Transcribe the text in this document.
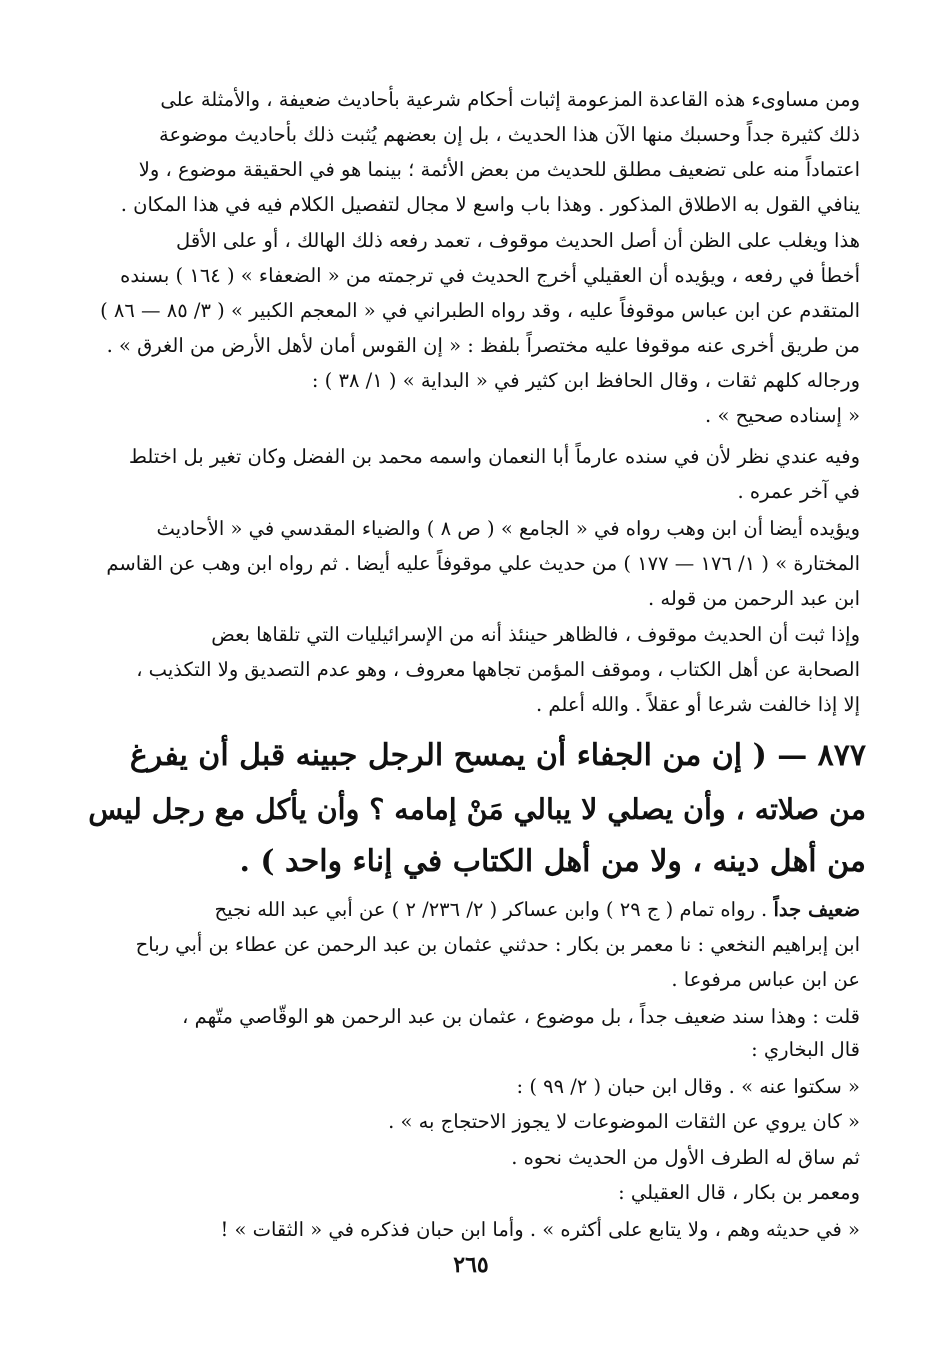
ومن مساوىء هذه القاعدة المزعومة إثبات أحكام شرعية بأحاديث ضعيفة ، والأمثلة على
ذلك كثيرة جداً وحسبك منها الآن هذا الحديث ، بل إن بعضهم يُثبت ذلك بأحاديث موضوعة
اعتماداً منه على تضعيف مطلق للحديث من بعض الأئمة ؛ بينما هو في الحقيقة موضوع ، ولا
ينافي القول به الاطلاق المذكور . وهذا باب واسع لا مجال لتفصيل الكلام فيه في هذا المكان .
هذا ويغلب على الظن أن أصل الحديث موقوف ، تعمد رفعه ذلك الهالك ، أو على الأقل
أخطأ في رفعه ، ويؤيده أن العقيلي أخرج الحديث في ترجمته من « الضعفاء » ( ١٦٤ ) بسنده
المتقدم عن ابن عباس موقوفاً عليه ، وقد رواه الطبراني في « المعجم الكبير » ( ٣/ ٨٥ — ٨٦ )
من طريق أخرى عنه موقوفا عليه مختصراً بلفظ : « إن القوس أمان لأهل الأرض من الغرق » .
ورجاله كلهم ثقات ، وقال الحافظ ابن كثير في « البداية » ( ١/ ٣٨ ) :
« إسناده صحيح » .
وفيه عندي نظر لأن في سنده عارماً أبا النعمان واسمه محمد بن الفضل وكان تغير بل اختلط
في آخر عمره .
ويؤيده أيضا أن ابن وهب رواه في « الجامع » ( ص ٨ ) والضياء المقدسي في « الأحاديث
المختارة » ( ١/ ١٧٦ — ١٧٧ ) من حديث علي موقوفاً عليه أيضا . ثم رواه ابن وهب عن القاسم
ابن عبد الرحمن من قوله .
وإذا ثبت أن الحديث موقوف ، فالظاهر حينئذ أنه من الإسرائيليات التي تلقاها بعض
الصحابة عن أهل الكتاب ، وموقف المؤمن تجاهها معروف ، وهو عدم التصديق ولا التكذيب ،
إلا إذا خالفت شرعا أو عقلاً . والله أعلم .
٨٧٧ — ( إن من الجفاء أن يمسح الرجل جبينه قبل أن يفرغ
من صلاته ، وأن يصلي لا يبالي مَنْ إمامه ؟ وأن يأكل مع رجل ليس
من أهل دينه ، ولا من أهل الكتاب في إناء واحد ) .
ضعيف جداً . رواه تمام ( ج ٢٩ ) وابن عساكر ( ٢/ ٢٣٦/ ٢ ) عن أبي عبد الله نجيح
ابن إبراهيم النخعي : نا معمر بن بكار : حدثني عثمان بن عبد الرحمن عن عطاء بن أبي رباح
عن ابن عباس مرفوعا .
قلت : وهذا سند ضعيف جداً ، بل موضوع ، عثمان بن عبد الرحمن هو الوقّاصي متّهم ،
قال البخاري :
« سكتوا عنه » . وقال ابن حبان ( ٢/ ٩٩ ) :
« كان يروي عن الثقات الموضوعات لا يجوز الاحتجاج به » .
ثم ساق له الطرف الأول من الحديث نحوه .
ومعمر بن بكار ، قال العقيلي :
« في حديثه وهم ، ولا يتابع على أكثره » . وأما ابن حبان فذكره في « الثقات » !
٢٦٥
